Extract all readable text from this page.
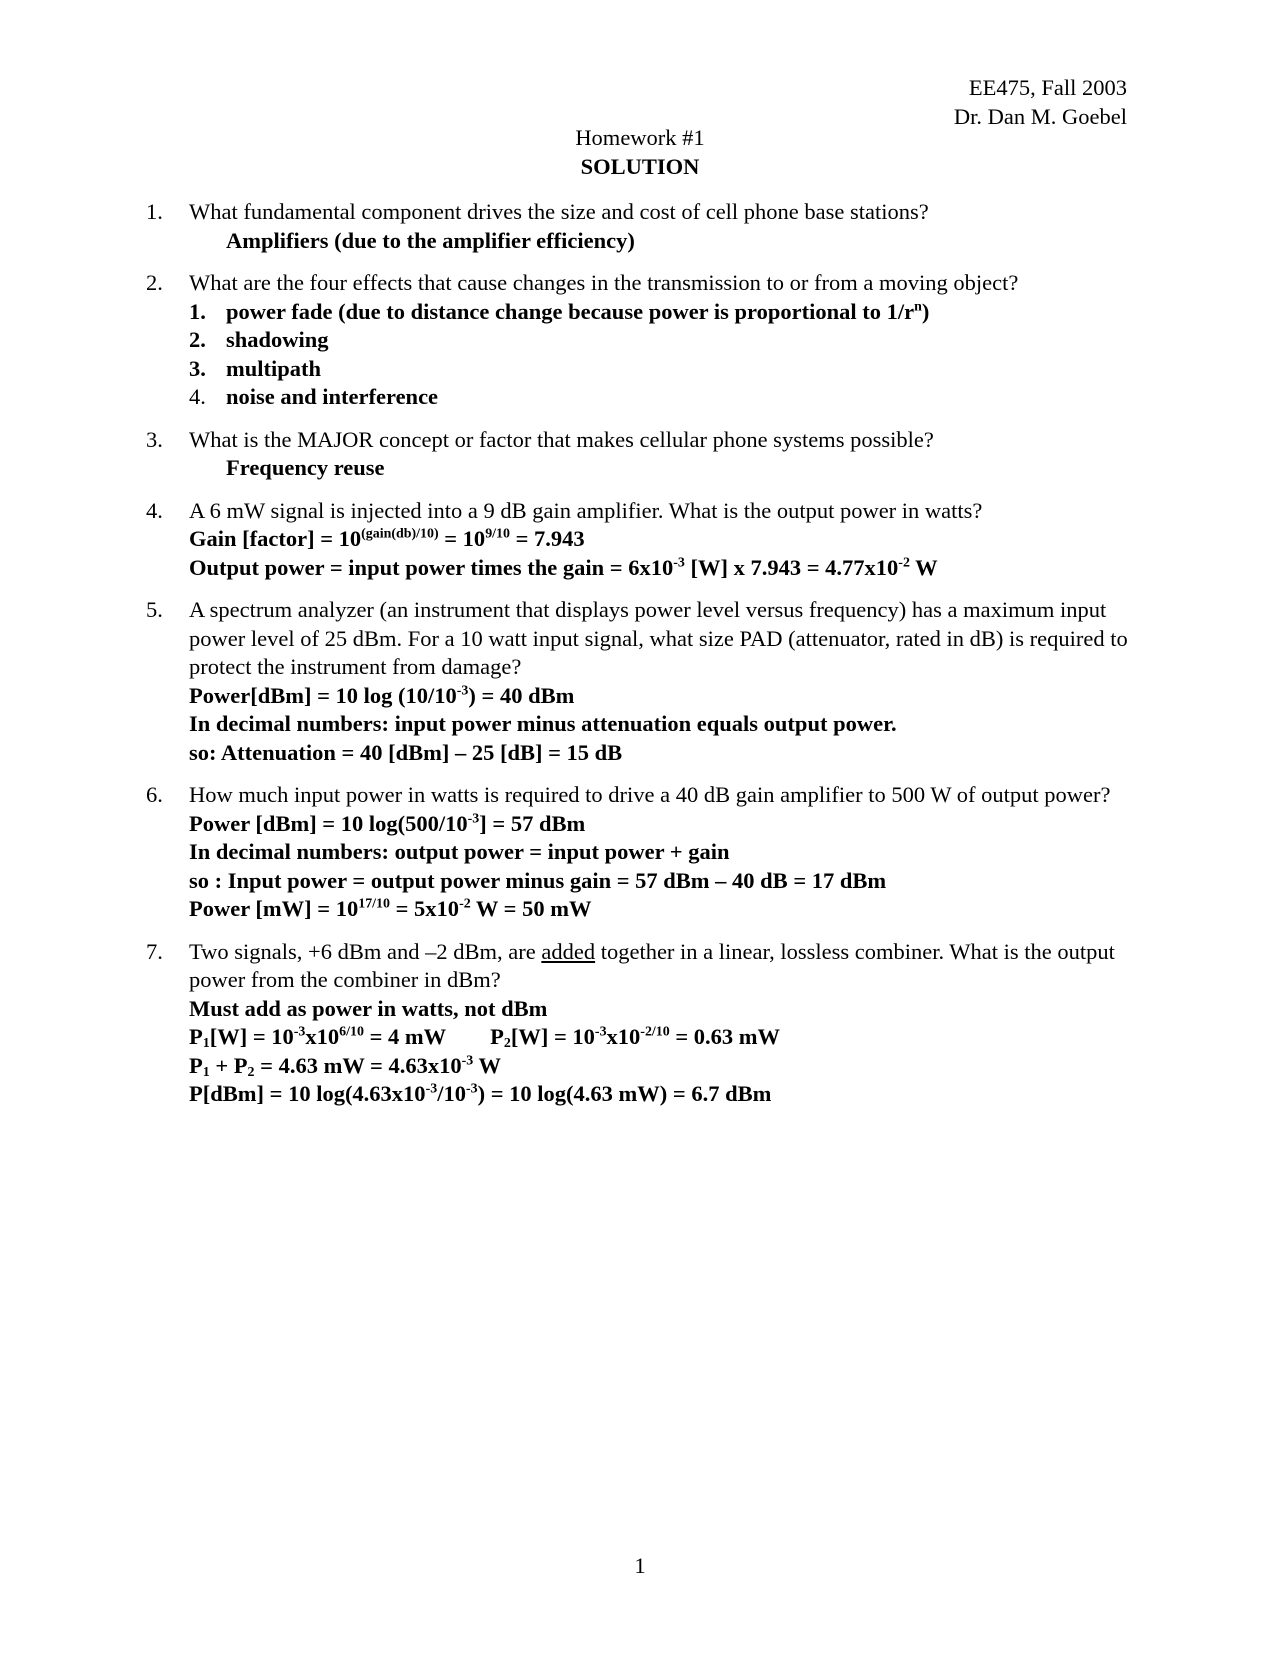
EE475, Fall 2003
Dr. Dan M. Goebel
Homework #1
SOLUTION
1. What fundamental component drives the size and cost of cell phone base stations?
Amplifiers (due to the amplifier efficiency)
2. What are the four effects that cause changes in the transmission to or from a moving object?
1. power fade (due to distance change because power is proportional to $1/r^n$)
2. shadowing
3. multipath
4. noise and interference
3. What is the MAJOR concept or factor that makes cellular phone systems possible?
Frequency reuse
4. A 6 mW signal is injected into a 9 dB gain amplifier. What is the output power in watts?
Gain [factor] = $10^{(gain(db)/10)} = 10^{9/10} = 7.943$
Output power = input power times the gain = $6x10^{-3}$ [W] x $7.943 = 4.77x10^{-2}$ W
5. A spectrum analyzer (an instrument that displays power level versus frequency) has a maximum input power level of 25 dBm. For a 10 watt input signal, what size PAD (attenuator, rated in dB) is required to protect the instrument from damage?
Power[dBm] = 10 $\log (10/10^{-3}) = 40$ dBm
In decimal numbers: input power minus attenuation equals output power.
so: Attenuation = 40 [dBm] – 25 [dB] = 15 dB
6. How much input power in watts is required to drive a 40 dB gain amplifier to 500 W of output power?
Power [dBm] = 10 $\log(500/10^{-3}] = 57$ dBm
In decimal numbers: output power = input power + gain
so : Input power = output power minus gain = 57 dBm – 40 dB = 17 dBm
Power $[mW] = 10^{17/10} = 5x10^{-2}$ W = 50 mW
7. Two signals, +6 dBm and –2 dBm, are added together in a linear, lossless combiner. What is the output power from the combiner in dBm?
Must add as power in watts, not dBm
$P_1[W] = 10^{-3}x10^{6/10} = 4$ mW $P_2[W] = 10^{-3}x10^{-2/10} = 0.63$ mW
$P_1 + P_2 = 4.63$ mW = $4.63x10^{-3}$ W
P[dBm] = 10 $\log(4.63x10^{-3}/10^{-3}) = 10$ log(4.63 mW) = 6.7 dBm
1
